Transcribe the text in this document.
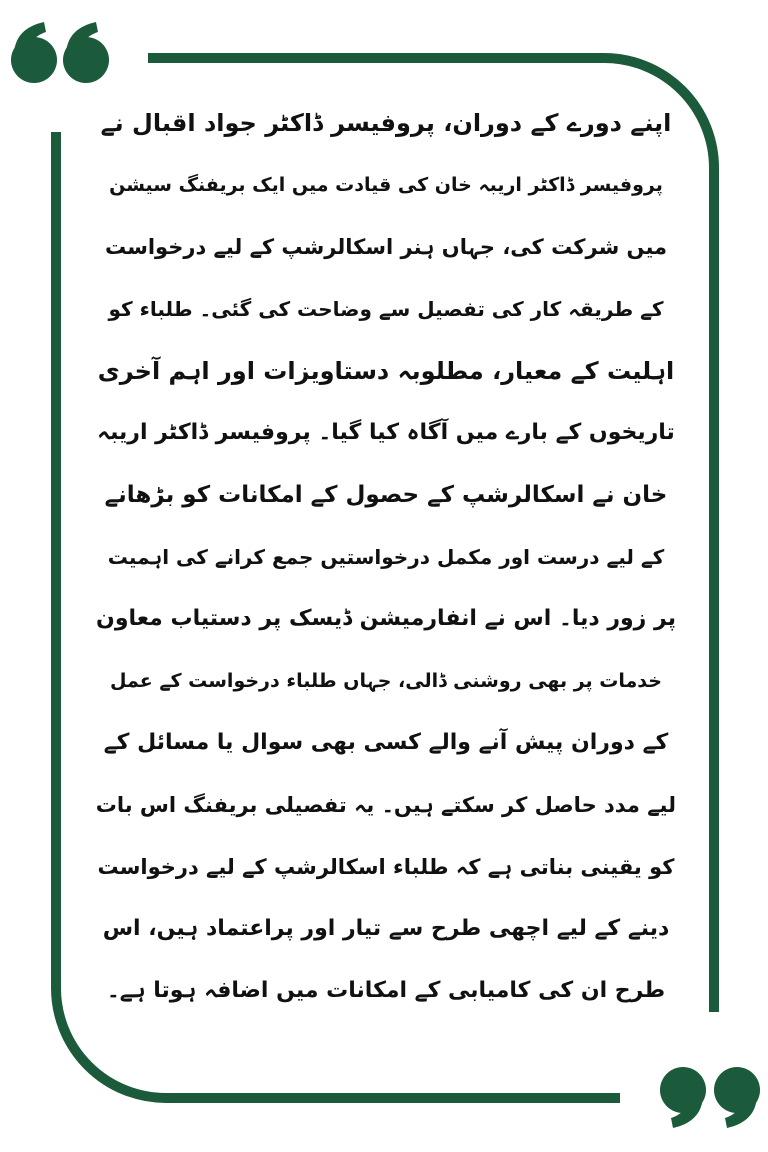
اپنے دورے کے دوران، پروفیسر ڈاکٹر جواد اقبال نے
پروفیسر ڈاکٹر اریبہ خان کی قیادت میں ایک بریفنگ سیشن
میں شرکت کی، جہاں ہنر اسکالرشپ کے لیے درخواست
کے طریقہ کار کی تفصیل سے وضاحت کی گئی۔ طلباء کو
اہلیت کے معیار، مطلوبہ دستاویزات اور اہم آخری
تاریخوں کے بارے میں آگاہ کیا گیا۔ پروفیسر ڈاکٹر اریبہ
خان نے اسکالرشپ کے حصول کے امکانات کو بڑھانے
کے لیے درست اور مکمل درخواستیں جمع کرانے کی اہمیت
پر زور دیا۔ اس نے انفارمیشن ڈیسک پر دستیاب معاون
خدمات پر بھی روشنی ڈالی، جہاں طلباء درخواست کے عمل
کے دوران پیش آنے والے کسی بھی سوال یا مسائل کے
لیے مدد حاصل کر سکتے ہیں۔ یہ تفصیلی بریفنگ اس بات
کو یقینی بناتی ہے کہ طلباء اسکالرشپ کے لیے درخواست
دینے کے لیے اچھی طرح سے تیار اور پراعتماد ہیں، اس
طرح ان کی کامیابی کے امکانات میں اضافہ ہوتا ہے۔
